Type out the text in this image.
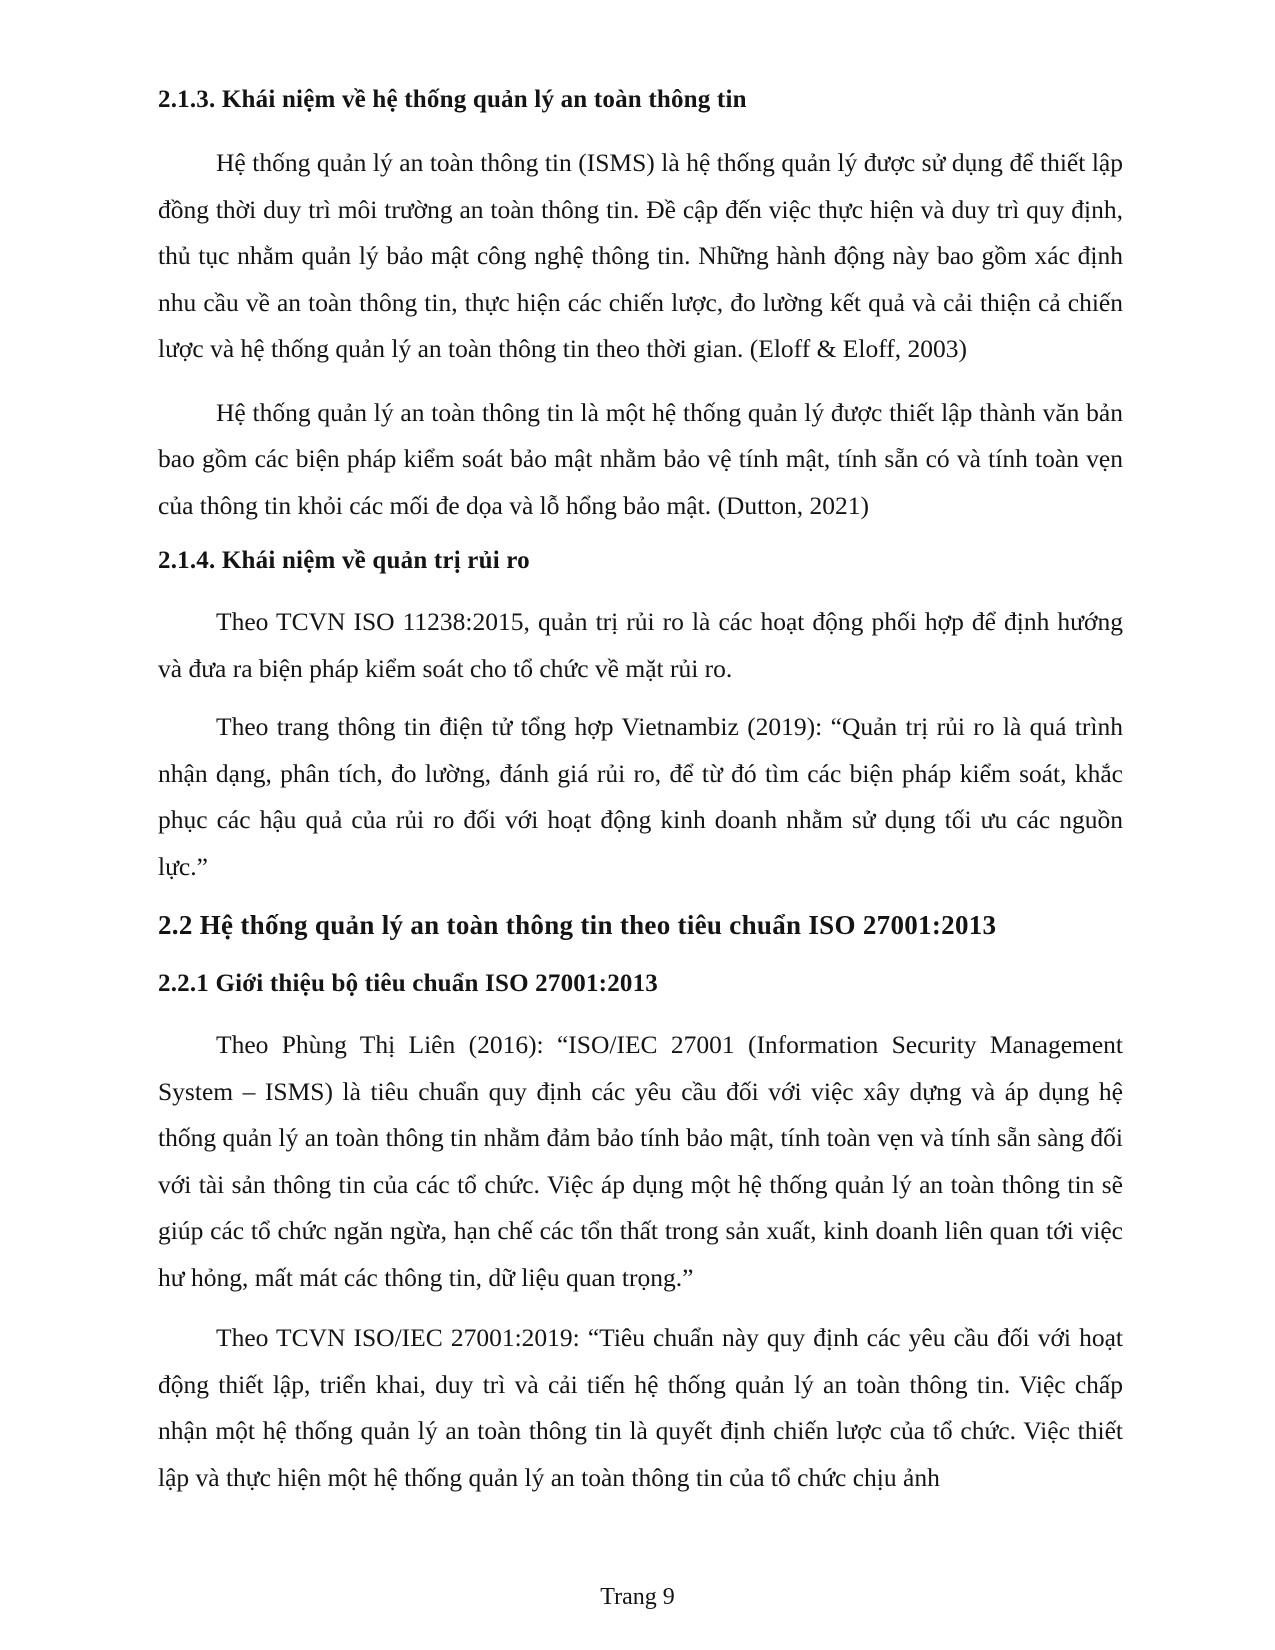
2.1.3. Khái niệm về hệ thống quản lý an toàn thông tin

Hệ thống quản lý an toàn thông tin (ISMS) là hệ thống quản lý được sử dụng để thiết lập đồng thời duy trì môi trường an toàn thông tin. Đề cập đến việc thực hiện và duy trì quy định, thủ tục nhằm quản lý bảo mật công nghệ thông tin. Những hành động này bao gồm xác định nhu cầu về an toàn thông tin, thực hiện các chiến lược, đo lường kết quả và cải thiện cả chiến lược và hệ thống quản lý an toàn thông tin theo thời gian. (Eloff & Eloff, 2003)

Hệ thống quản lý an toàn thông tin là một hệ thống quản lý được thiết lập thành văn bản bao gồm các biện pháp kiểm soát bảo mật nhằm bảo vệ tính mật, tính sẵn có và tính toàn vẹn của thông tin khỏi các mối đe dọa và lỗ hổng bảo mật. (Dutton, 2021)

2.1.4. Khái niệm về quản trị rủi ro

Theo TCVN ISO 11238:2015, quản trị rủi ro là các hoạt động phối hợp để định hướng và đưa ra biện pháp kiểm soát cho tổ chức về mặt rủi ro.

Theo trang thông tin điện tử tổng hợp Vietnambiz (2019): “Quản trị rủi ro là quá trình nhận dạng, phân tích, đo lường, đánh giá rủi ro, để từ đó tìm các biện pháp kiểm soát, khắc phục các hậu quả của rủi ro đối với hoạt động kinh doanh nhằm sử dụng tối ưu các nguồn lực.”

2.2 Hệ thống quản lý an toàn thông tin theo tiêu chuẩn ISO 27001:2013
2.2.1 Giới thiệu bộ tiêu chuẩn ISO 27001:2013

Theo Phùng Thị Liên (2016): “ISO/IEC 27001 (Information Security Management System – ISMS) là tiêu chuẩn quy định các yêu cầu đối với việc xây dựng và áp dụng hệ thống quản lý an toàn thông tin nhằm đảm bảo tính bảo mật, tính toàn vẹn và tính sẵn sàng đối với tài sản thông tin của các tổ chức. Việc áp dụng một hệ thống quản lý an toàn thông tin sẽ giúp các tổ chức ngăn ngừa, hạn chế các tổn thất trong sản xuất, kinh doanh liên quan tới việc hư hỏng, mất mát các thông tin, dữ liệu quan trọng.”

Theo TCVN ISO/IEC 27001:2019: “Tiêu chuẩn này quy định các yêu cầu đối với hoạt động thiết lập, triển khai, duy trì và cải tiến hệ thống quản lý an toàn thông tin. Việc chấp nhận một hệ thống quản lý an toàn thông tin là quyết định chiến lược của tổ chức. Việc thiết lập và thực hiện một hệ thống quản lý an toàn thông tin của tổ chức chịu ảnh

Trang 9
